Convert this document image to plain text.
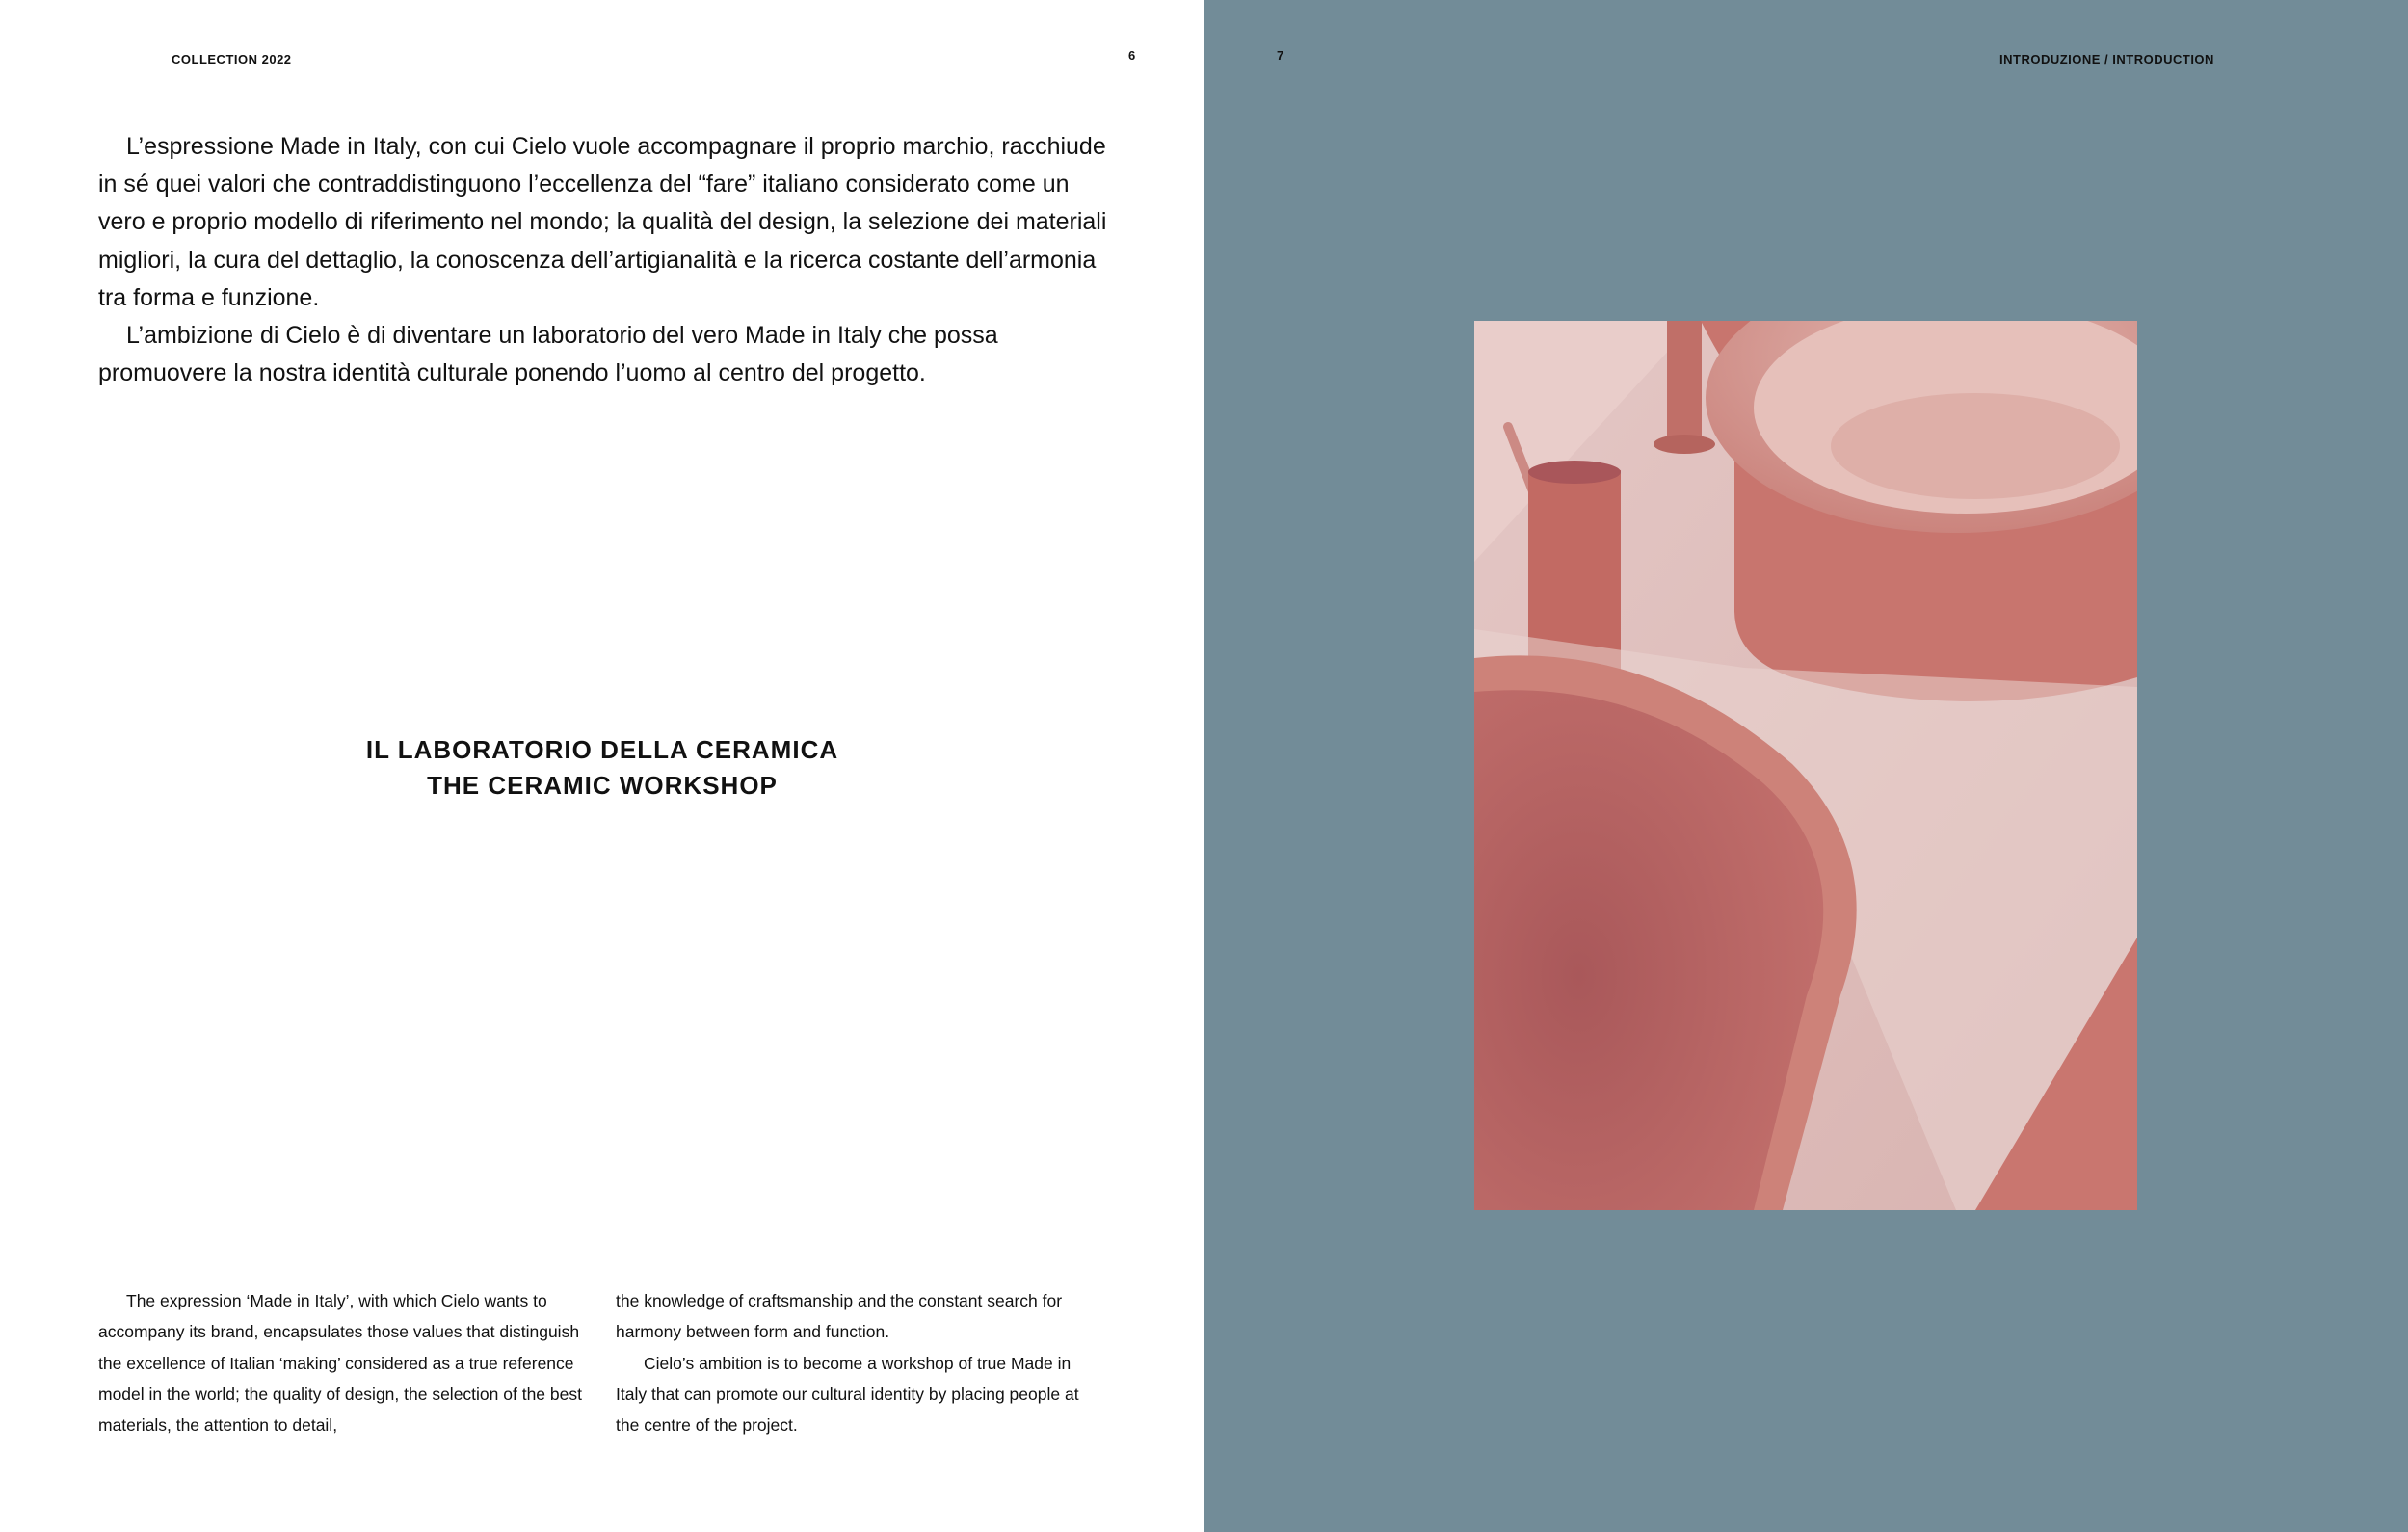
COLLECTION 2022	6

L’espressione Made in Italy, con cui Cielo vuole accompagnare il proprio marchio, racchiude in sé quei valori che contraddistinguono l’eccellenza del “fare” italiano considerato come un vero e proprio modello di riferimento nel mondo; la qualità del design, la selezione dei materiali migliori, la cura del dettaglio, la conoscenza dell’artigianalità e la ricerca costante dell’armonia tra forma e funzione.

L’ambizione di Cielo è di diventare un laboratorio del vero Made in Italy che possa promuovere la nostra identità culturale ponendo l’uomo al centro del progetto.

IL LABORATORIO DELLA CERAMICA
THE CERAMIC WORKSHOP

The expression ‘Made in Italy’, with which Cielo wants to accompany its brand, encapsulates those values that distinguish the excellence of Italian ‘making’ considered as a true reference model in the world; the quality of design, the selection of the best materials, the attention to detail,

the knowledge of craftsmanship and the constant search for harmony between form and function.

Cielo’s ambition is to become a workshop of true Made in Italy that can promote our cultural identity by placing people at the centre of the project.

7	INTRODUZIONE / INTRODUCTION
